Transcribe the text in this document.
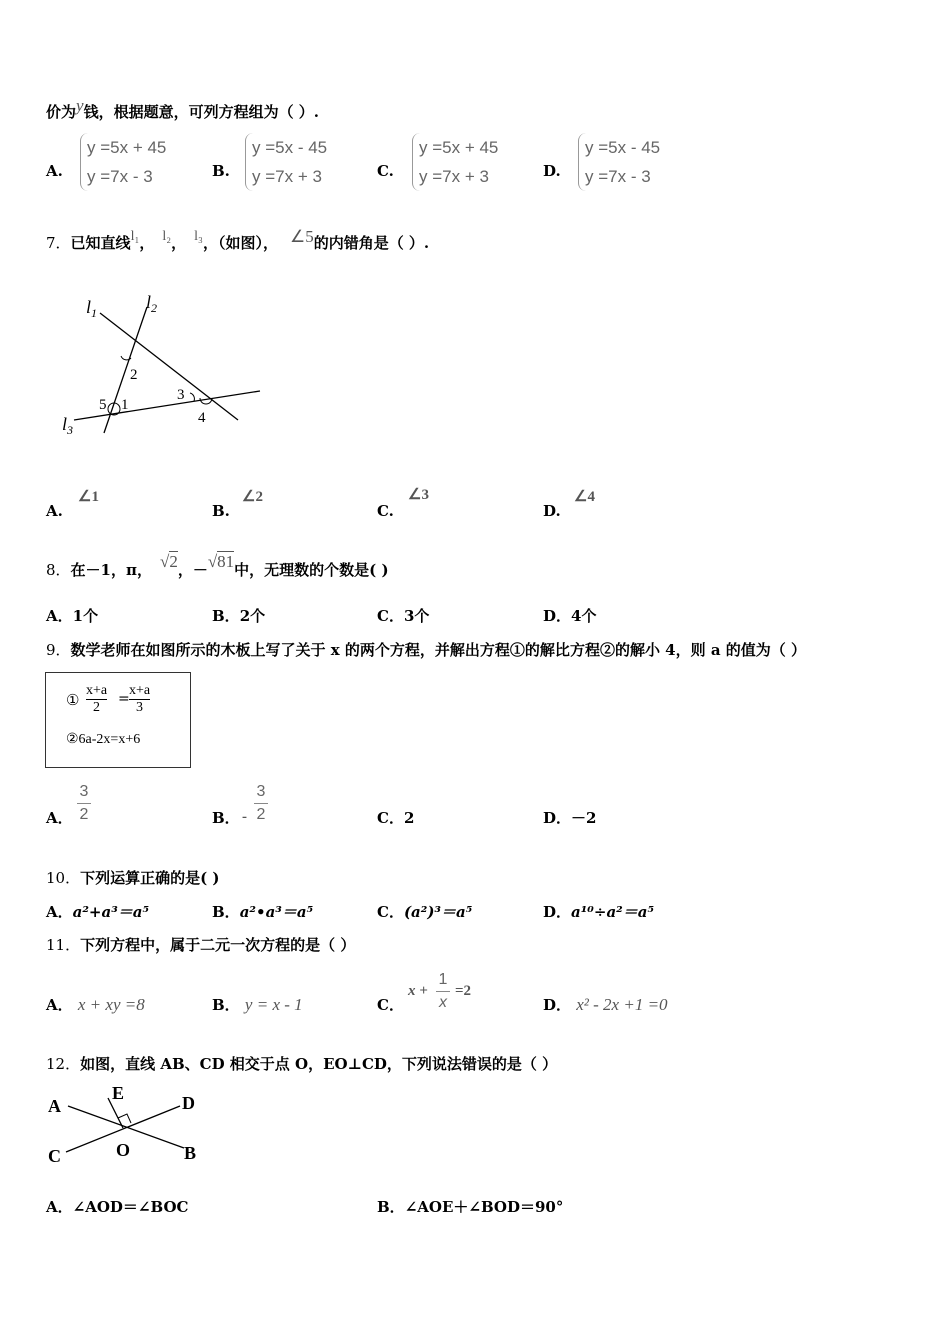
价为y钱，根据题意，可列方程组为（ ）.
A.
y =5x + 45
y =7x - 3	B.
y =5x - 45
y =7x + 3	C.
y =5x + 45
y =7x + 3	D.
y =5x - 45
y =7x - 3
7．已知直线l₁， l₂， l₃，（如图）， ∠5的内错角是（ ）.
$l_1$
$l_2$
$l_3$
2
1
5
3
4
A.
∠1
B.
∠2
C.
∠3
D.
∠4
8．在－1，π， √2，－√81中，无理数的个数是( )
A．1个	B．2个	C．3个	D．4个
9．数学老师在如图所示的木板上写了关于 x 的两个方程，并解出方程①的解比方程②的解小 4，则 a 的值为（ ）
①
x+a
2
=
x+a
3
②6a-2x=x+6
A．
3
2	B． -
3
2	C．2	D．－2
10．下列运算正确的是( )
A．a²+a³＝a⁵	B．a²•a³＝a⁵	C．(a²)³＝a⁵	D．a¹⁰÷a²＝a⁵
11．下列方程中，属于二元一次方程的是（ ）
A． x + xy =8	B． y = x - 1	C．
x +
1
x
=2
D． x² - 2x +1 =0
12．如图，直线 AB、CD 相交于点 O，EO⊥CD，下列说法错误的是（ ）
A	D
C	B
E
O
A．∠AOD＝∠BOC	B．∠AOE＋∠BOD＝90°
